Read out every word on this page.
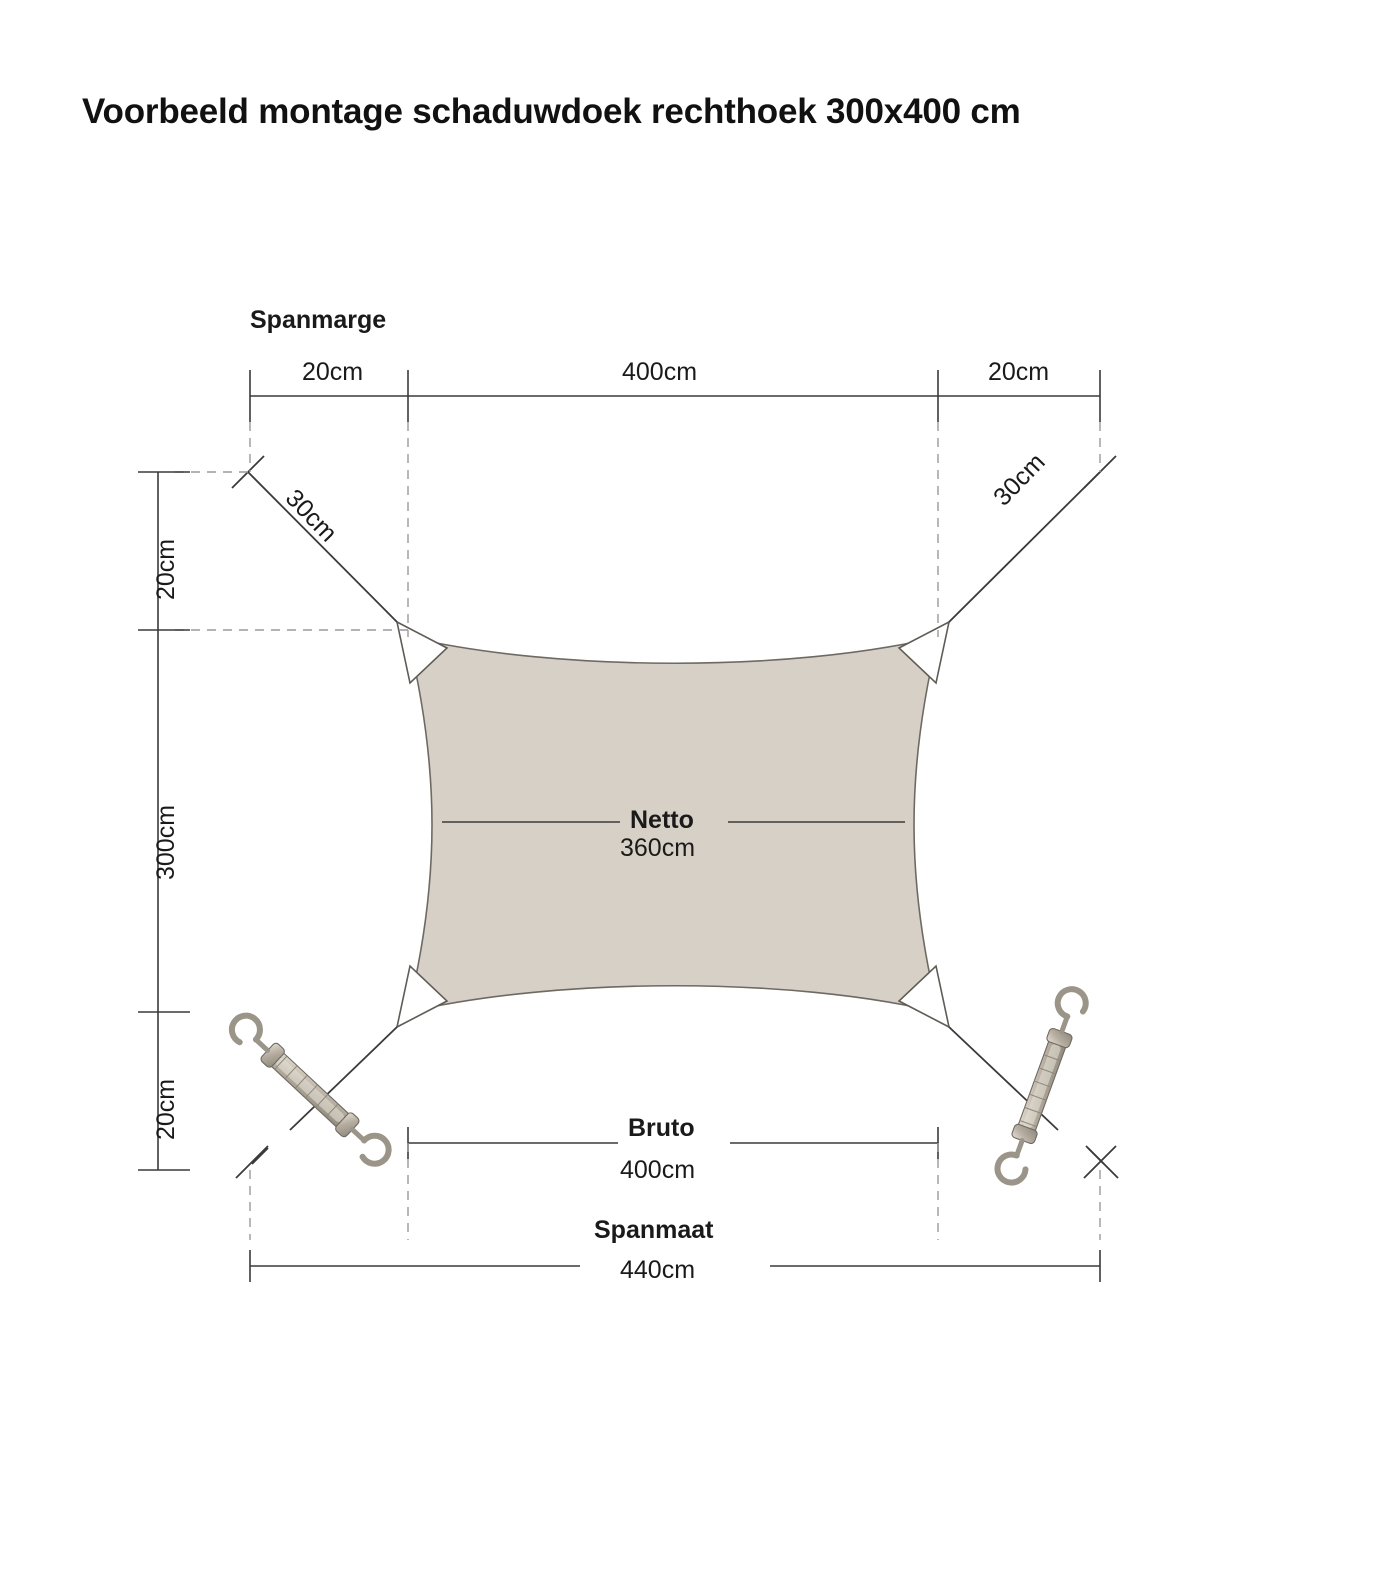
Voorbeeld montage schaduwdoek rechthoek 300x400 cm
Spanmarge
20cm	400cm	20cm
20cm
300cm
20cm
30cm
30cm
Netto
360cm
Bruto
400cm
Spanmaat
440cm
